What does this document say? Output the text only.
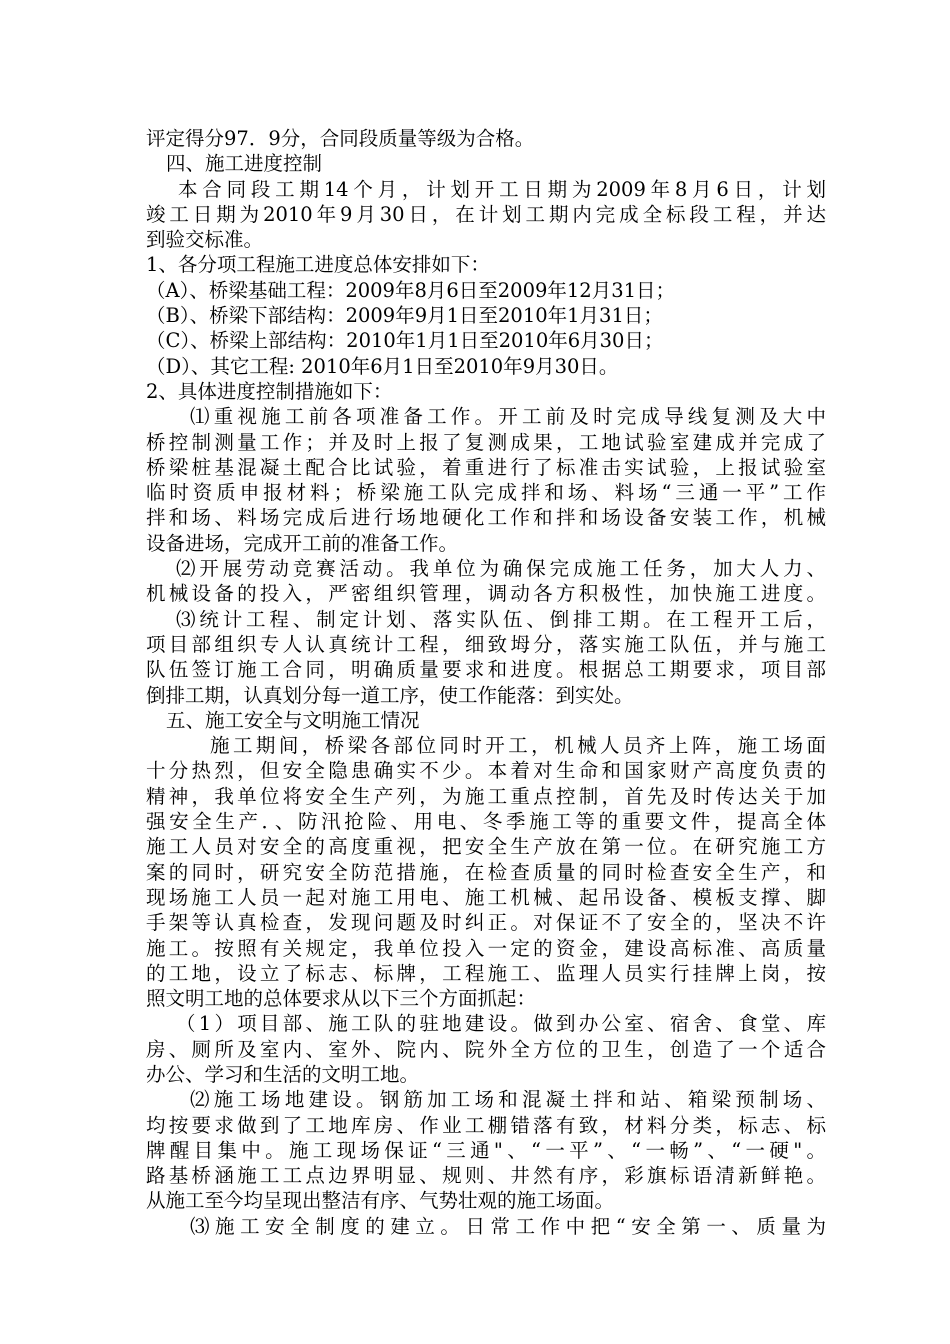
评定得分97．9分，合同段质量等级为合格。
四、施工进度控制
本合同段工期14个月，计划开工日期为2009年8月6日，计划
竣工日期为2010年9月30日，在计划工期内完成全标段工程，并达
到验交标准。
1、各分项工程施工进度总体安排如下：
（A）、桥梁基础工程：2009年8月6日至2009年12月31日；
（B）、桥梁下部结构：2009年9月1日至2010年1月31日；
（C）、桥梁上部结构：2010年1月1日至2010年6月30日；
（D）、其它工程: 2010年6月1日至2010年9月30日。
2、具体进度控制措施如下：
⑴重视施工前各项准备工作。开工前及时完成导线复测及大中
桥控制测量工作；并及时上报了复测成果，工地试验室建成并完成了
桥梁桩基混凝土配合比试验，着重进行了标准击实试验，上报试验室
临时资质申报材料；桥梁施工队完成拌和场、料场“三通一平”工作
拌和场、料场完成后进行场地硬化工作和拌和场设备安装工作，机械
设备进场，完成开工前的准备工作。
⑵开展劳动竞赛活动。我单位为确保完成施工任务，加大人力、
机械设备的投入，严密组织管理，调动各方积极性，加快施工进度。
⑶统计工程、制定计划、落实队伍、倒排工期。在工程开工后，
项目部组织专人认真统计工程，细致坶分，落实施工队伍，并与施工
队伍签订施工合同，明确质量要求和进度。根据总工期要求，项目部
倒排工期，认真划分每一道工序，使工作能落：到实处。
五、施工安全与文明施工情况
施工期间，桥梁各部位同时开工，机械人员齐上阵，施工场面
十分热烈，但安全隐患确实不少。本着对生命和国家财产高度负责的
精神，我单位将安全生产列，为施工重点控制，首先及时传达关于加
强安全生产．、防汛抢险、用电、冬季施工等的重要文件，提高全体
施工人员对安全的高度重视，把安全生产放在第一位。在研究施工方
案的同时，研究安全防范措施，在检查质量的同时检查安全生产，和
现场施工人员一起对施工用电、施工机械、起吊设备、模板支撑、脚
手架等认真检查，发现问题及时纠正。对保证不了安全的，坚决不许
施工。按照有关规定，我单位投入一定的资金，建设高标准、高质量
的工地，设立了标志、标牌，工程施工、监理人员实行挂牌上岗，按
照文明工地的总体要求从以下三个方面抓起：
（1）项目部、施工队的驻地建设。做到办公室、宿舍、食堂、库
房、厕所及室内、室外、院内、院外全方位的卫生，创造了一个适合
办公、学习和生活的文明工地。
⑵施工场地建设。钢筋加工场和混凝土拌和站、箱梁预制场、
均按要求做到了工地库房、作业工棚错落有致，材料分类，标志、标
牌醒目集中。施工现场保证“三通"、“一平”、“一畅”、“一硬"。
路基桥涵施工工点边界明显、规则、井然有序，彩旗标语清新鲜艳。
从施工至今均呈现出整洁有序、气势壮观的施工场面。
⑶施工安全制度的建立。日常工作中把“安全第一、质量为
